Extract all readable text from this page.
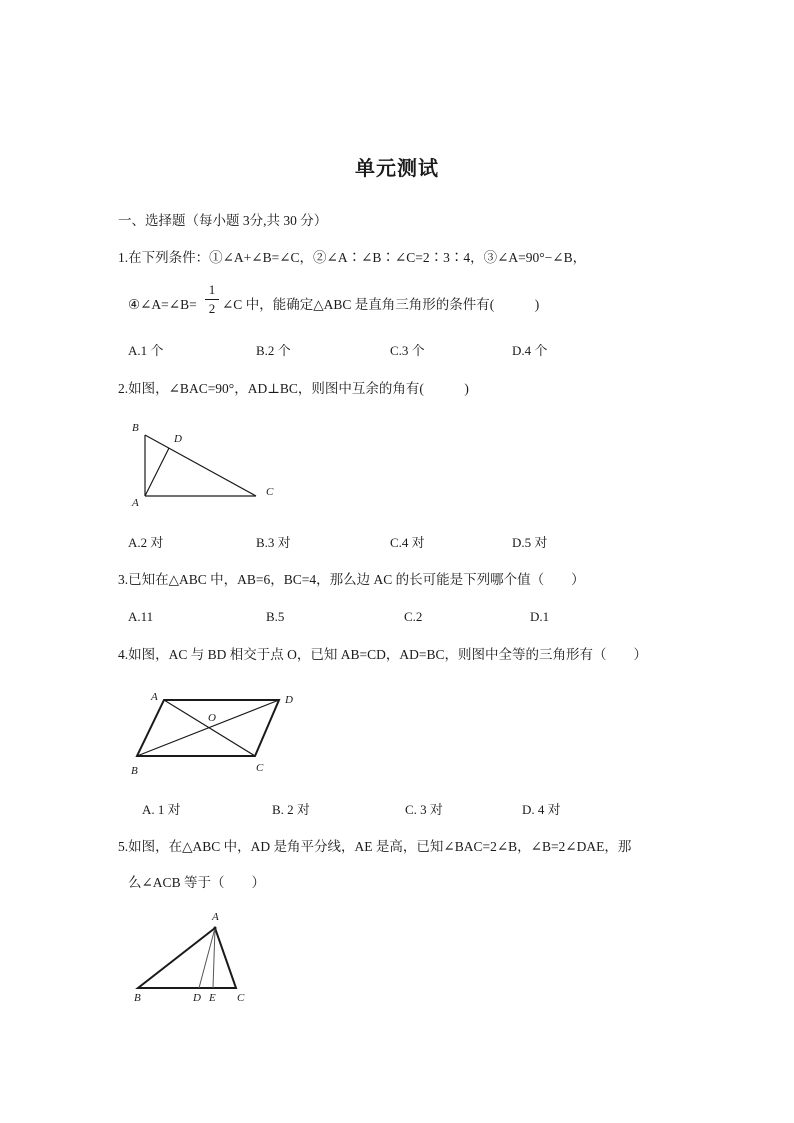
单元测试
一、选择题（每小题 3分,共 30 分）
1.在下列条件：①∠A+∠B=∠C，②∠A∶∠B∶∠C=2∶3∶4，③∠A=90°−∠B，
④∠A=∠B=
1
2 ∠C 中，能确定△ABC 是直角三角形的条件有(　　　)
A.1 个	B.2 个	C.3 个	D.4 个
2.如图，∠BAC=90°，AD⊥BC，则图中互余的角有(　　　)
B
D
A
C
A.2 对	B.3 对	C.4 对	D.5 对
3.已知在△ABC 中，AB=6，BC=4，那么边 AC 的长可能是下列哪个值（　　）
A.11	B.5	C.2	D.1
4.如图，AC 与 BD 相交于点 O，已知 AB=CD，AD=BC，则图中全等的三角形有（　　）
A	D
O
B	C
A. 1 对	B. 2 对	C. 3 对	D. 4 对
5.如图，在△ABC 中，AD 是角平分线，AE 是高，已知∠BAC=2∠B，∠B=2∠DAE，那
么∠ACB 等于（　　）
A
B	D E C
